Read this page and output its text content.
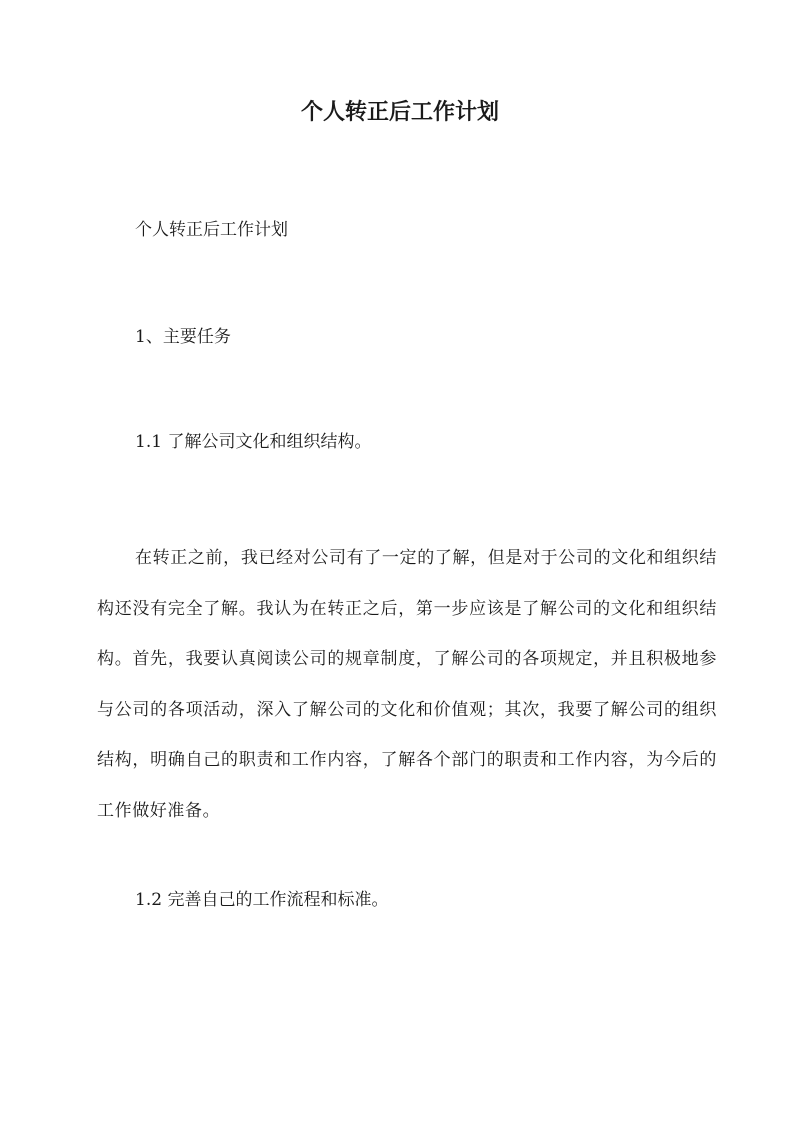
个人转正后工作计划

个人转正后工作计划

1、主要任务

1.1 了解公司文化和组织结构。

在转正之前，我已经对公司有了一定的了解，但是对于公司的文化和组织结构还没有完全了解。我认为在转正之后，第一步应该是了解公司的文化和组织结构。首先，我要认真阅读公司的规章制度，了解公司的各项规定，并且积极地参与公司的各项活动，深入了解公司的文化和价值观；其次，我要了解公司的组织结构，明确自己的职责和工作内容，了解各个部门的职责和工作内容，为今后的工作做好准备。

1.2 完善自己的工作流程和标准。
